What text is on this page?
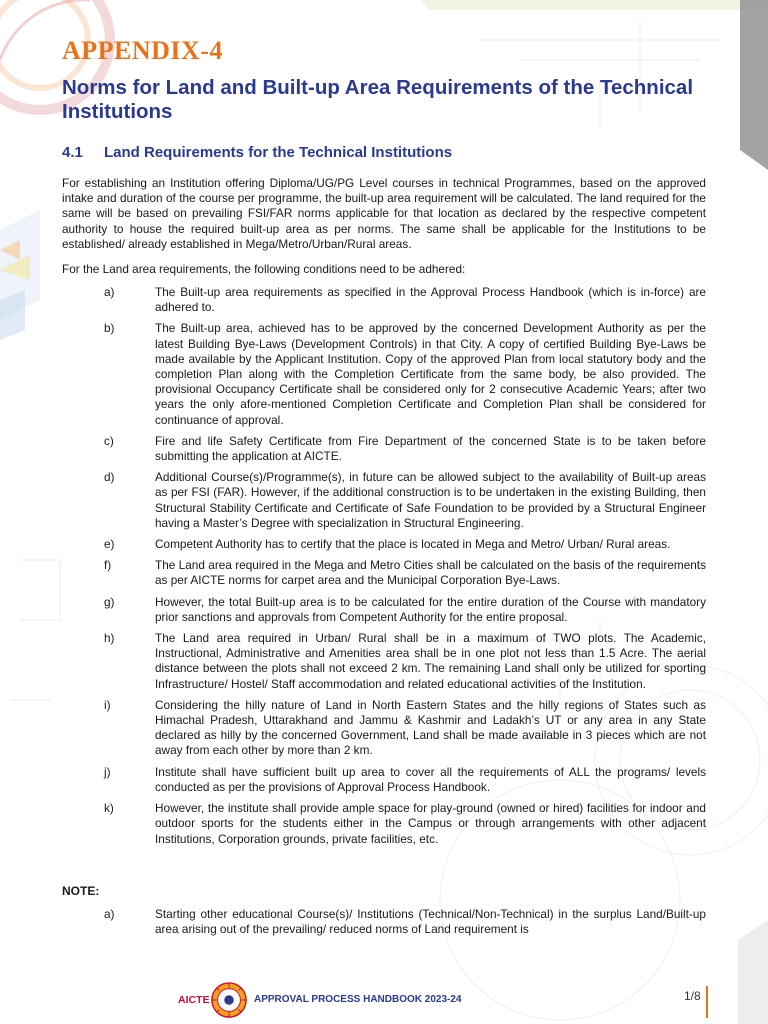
APPENDIX-4
Norms for Land and Built-up Area Requirements of the Technical Institutions
4.1 Land Requirements for the Technical Institutions
For establishing an Institution offering Diploma/UG/PG Level courses in technical Programmes, based on the approved intake and duration of the course per programme, the built-up area requirement will be calculated. The land required for the same will be based on prevailing FSI/FAR norms applicable for that location as declared by the respective competent authority to house the required built-up area as per norms. The same shall be applicable for the Institutions to be established/ already established in Mega/Metro/Urban/Rural areas.
For the Land area requirements, the following conditions need to be adhered:
a)	The Built-up area requirements as specified in the Approval Process Handbook (which is in-force) are adhered to.
b)	The Built-up area, achieved has to be approved by the concerned Development Authority as per the latest Building Bye-Laws (Development Controls) in that City. A copy of certified Building Bye-Laws be made available by the Applicant Institution. Copy of the approved Plan from local statutory body and the completion Plan along with the Completion Certificate from the same body, be also provided. The provisional Occupancy Certificate shall be considered only for 2 consecutive Academic Years; after two years the only afore-mentioned Completion Certificate and Completion Plan shall be considered for continuance of approval.
c)	Fire and life Safety Certificate from Fire Department of the concerned State is to be taken before submitting the application at AICTE.
d)	Additional Course(s)/Programme(s), in future can be allowed subject to the availability of Built-up areas as per FSI (FAR). However, if the additional construction is to be undertaken in the existing Building, then Structural Stability Certificate and Certificate of Safe Foundation to be provided by a Structural Engineer having a Master’s Degree with specialization in Structural Engineering.
e)	Competent Authority has to certify that the place is located in Mega and Metro/ Urban/ Rural areas.
f)	The Land area required in the Mega and Metro Cities shall be calculated on the basis of the requirements as per AICTE norms for carpet area and the Municipal Corporation Bye-Laws.
g)	However, the total Built-up area is to be calculated for the entire duration of the Course with mandatory prior sanctions and approvals from Competent Authority for the entire proposal.
h)	The Land area required in Urban/ Rural shall be in a maximum of TWO plots. The Academic, Instructional, Administrative and Amenities area shall be in one plot not less than 1.5 Acre. The aerial distance between the plots shall not exceed 2 km. The remaining Land shall only be utilized for sporting Infrastructure/ Hostel/ Staff accommodation and related educational activities of the Institution.
i)	Considering the hilly nature of Land in North Eastern States and the hilly regions of States such as Himachal Pradesh, Uttarakhand and Jammu & Kashmir and Ladakh’s UT or any area in any State declared as hilly by the concerned Government, Land shall be made available in 3 pieces which are not away from each other by more than 2 km.
j)	Institute shall have sufficient built up area to cover all the requirements of ALL the programs/ levels conducted as per the provisions of Approval Process Handbook.
k)	However, the institute shall provide ample space for play-ground (owned or hired) facilities for indoor and outdoor sports for the students either in the Campus or through arrangements with other adjacent Institutions, Corporation grounds, private facilities, etc.
NOTE:
a)	Starting other educational Course(s)/ Institutions (Technical/Non-Technical) in the surplus Land/Built-up area arising out of the prevailing/ reduced norms of Land requirement is
AICTE	APPROVAL PROCESS HANDBOOK 2023-24	1/8
